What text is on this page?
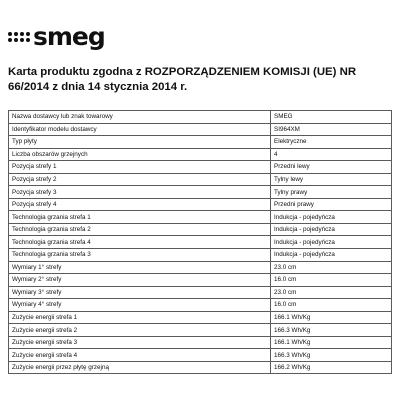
smeg

Karta produktu zgodna z ROZPORZĄDZENIEM KOMISJI (UE) NR 66/2014 z dnia 14 stycznia 2014 r.

Nazwa dostawcy lub znak towarowy	SMEG
Identyfikator modelu dostawcy	SI964XM
Typ płyty	Elektryczne
Liczba obszarów grzejnych	4
Pozycja strefy 1	Przedni lewy
Pozycja strefy 2	Tylny lewy
Pozycja strefy 3	Tylny prawy
Pozycja strefy 4	Przedni prawy
Technologia grzania strefa 1	Indukcja - pojedyńcza
Technologia grzania strefa 2	Indukcja - pojedyńcza
Technologia grzania strefa 4	Indukcja - pojedyńcza
Technologia grzania strefa 3	Indukcja - pojedyńcza
Wymiary 1° strefy	23.0 cm
Wymiary 2° strefy	16.0 cm
Wymiary 3° strefy	23.0 cm
Wymiary 4° strefy	16.0 cm
Zużycie energii strefa 1	166.1 Wh/Kg
Zużycie energii strefa 2	166.3 Wh/Kg
Zużycie energii strefa 3	166.1 Wh/Kg
Zużycie energii strefa 4	166.3 Wh/Kg
Zużycie energii przez płytę grzejną	166.2 Wh/Kg
